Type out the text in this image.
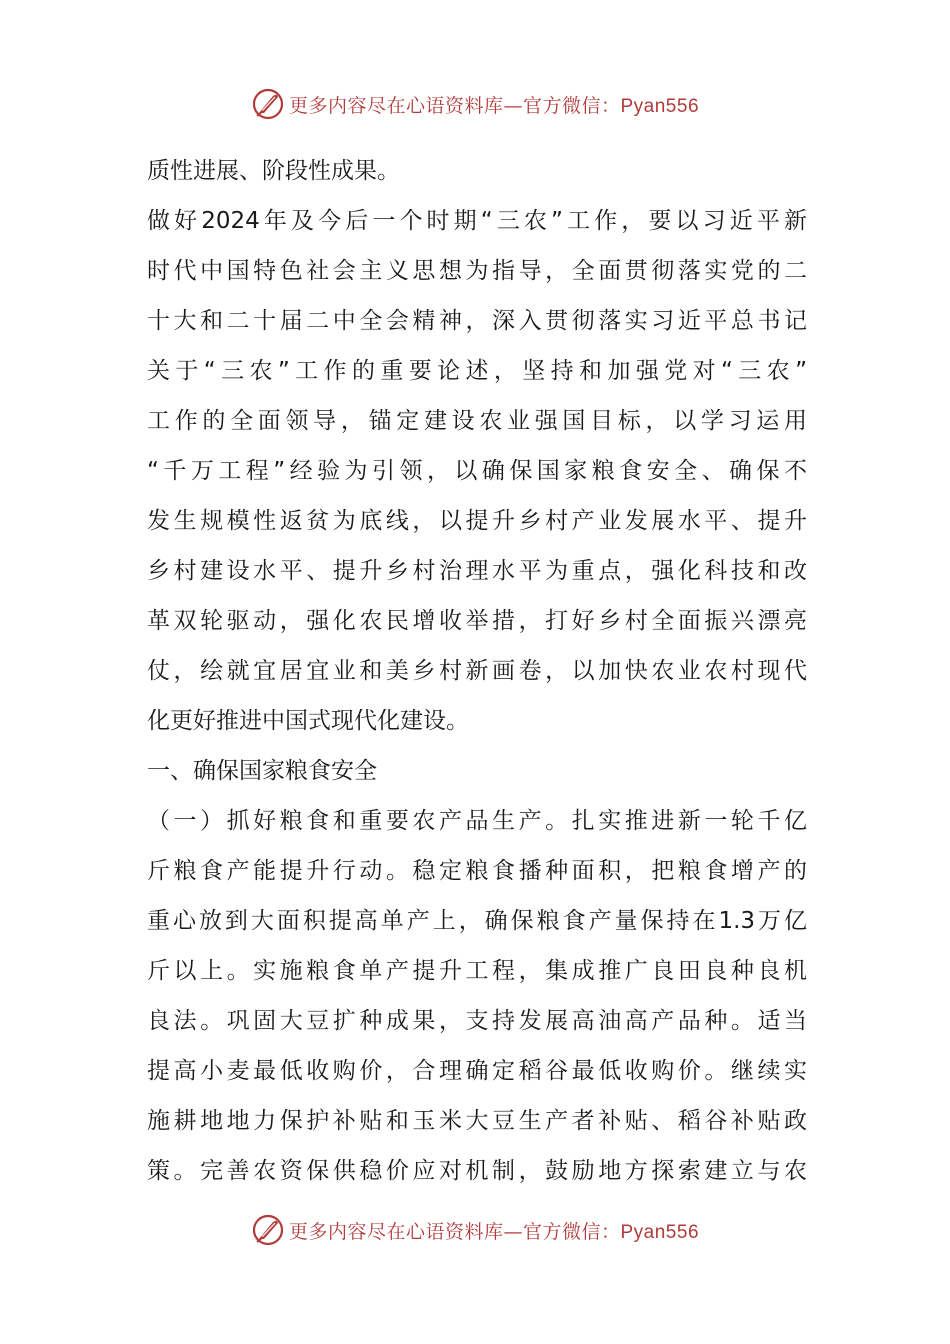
更多内容尽在心语资料库—官方微信：Pyan556
质性进展、阶段性成果。
做好2024年及今后一个时期“三农”工作，要以习近平新
时代中国特色社会主义思想为指导，全面贯彻落实党的二
十大和二十届二中全会精神，深入贯彻落实习近平总书记
关于“三农”工作的重要论述，坚持和加强党对“三农”
工作的全面领导，锚定建设农业强国目标，以学习运用
“千万工程”经验为引领，以确保国家粮食安全、确保不
发生规模性返贫为底线，以提升乡村产业发展水平、提升
乡村建设水平、提升乡村治理水平为重点，强化科技和改
革双轮驱动，强化农民增收举措，打好乡村全面振兴漂亮
仗，绘就宜居宜业和美乡村新画卷，以加快农业农村现代
化更好推进中国式现代化建设。
一、确保国家粮食安全
（一）抓好粮食和重要农产品生产。扎实推进新一轮千亿
斤粮食产能提升行动。稳定粮食播种面积，把粮食增产的
重心放到大面积提高单产上，确保粮食产量保持在1.3万亿
斤以上。实施粮食单产提升工程，集成推广良田良种良机
良法。巩固大豆扩种成果，支持发展高油高产品种。适当
提高小麦最低收购价，合理确定稻谷最低收购价。继续实
施耕地地力保护补贴和玉米大豆生产者补贴、稻谷补贴政
策。完善农资保供稳价应对机制，鼓励地方探索建立与农
更多内容尽在心语资料库—官方微信：Pyan556
